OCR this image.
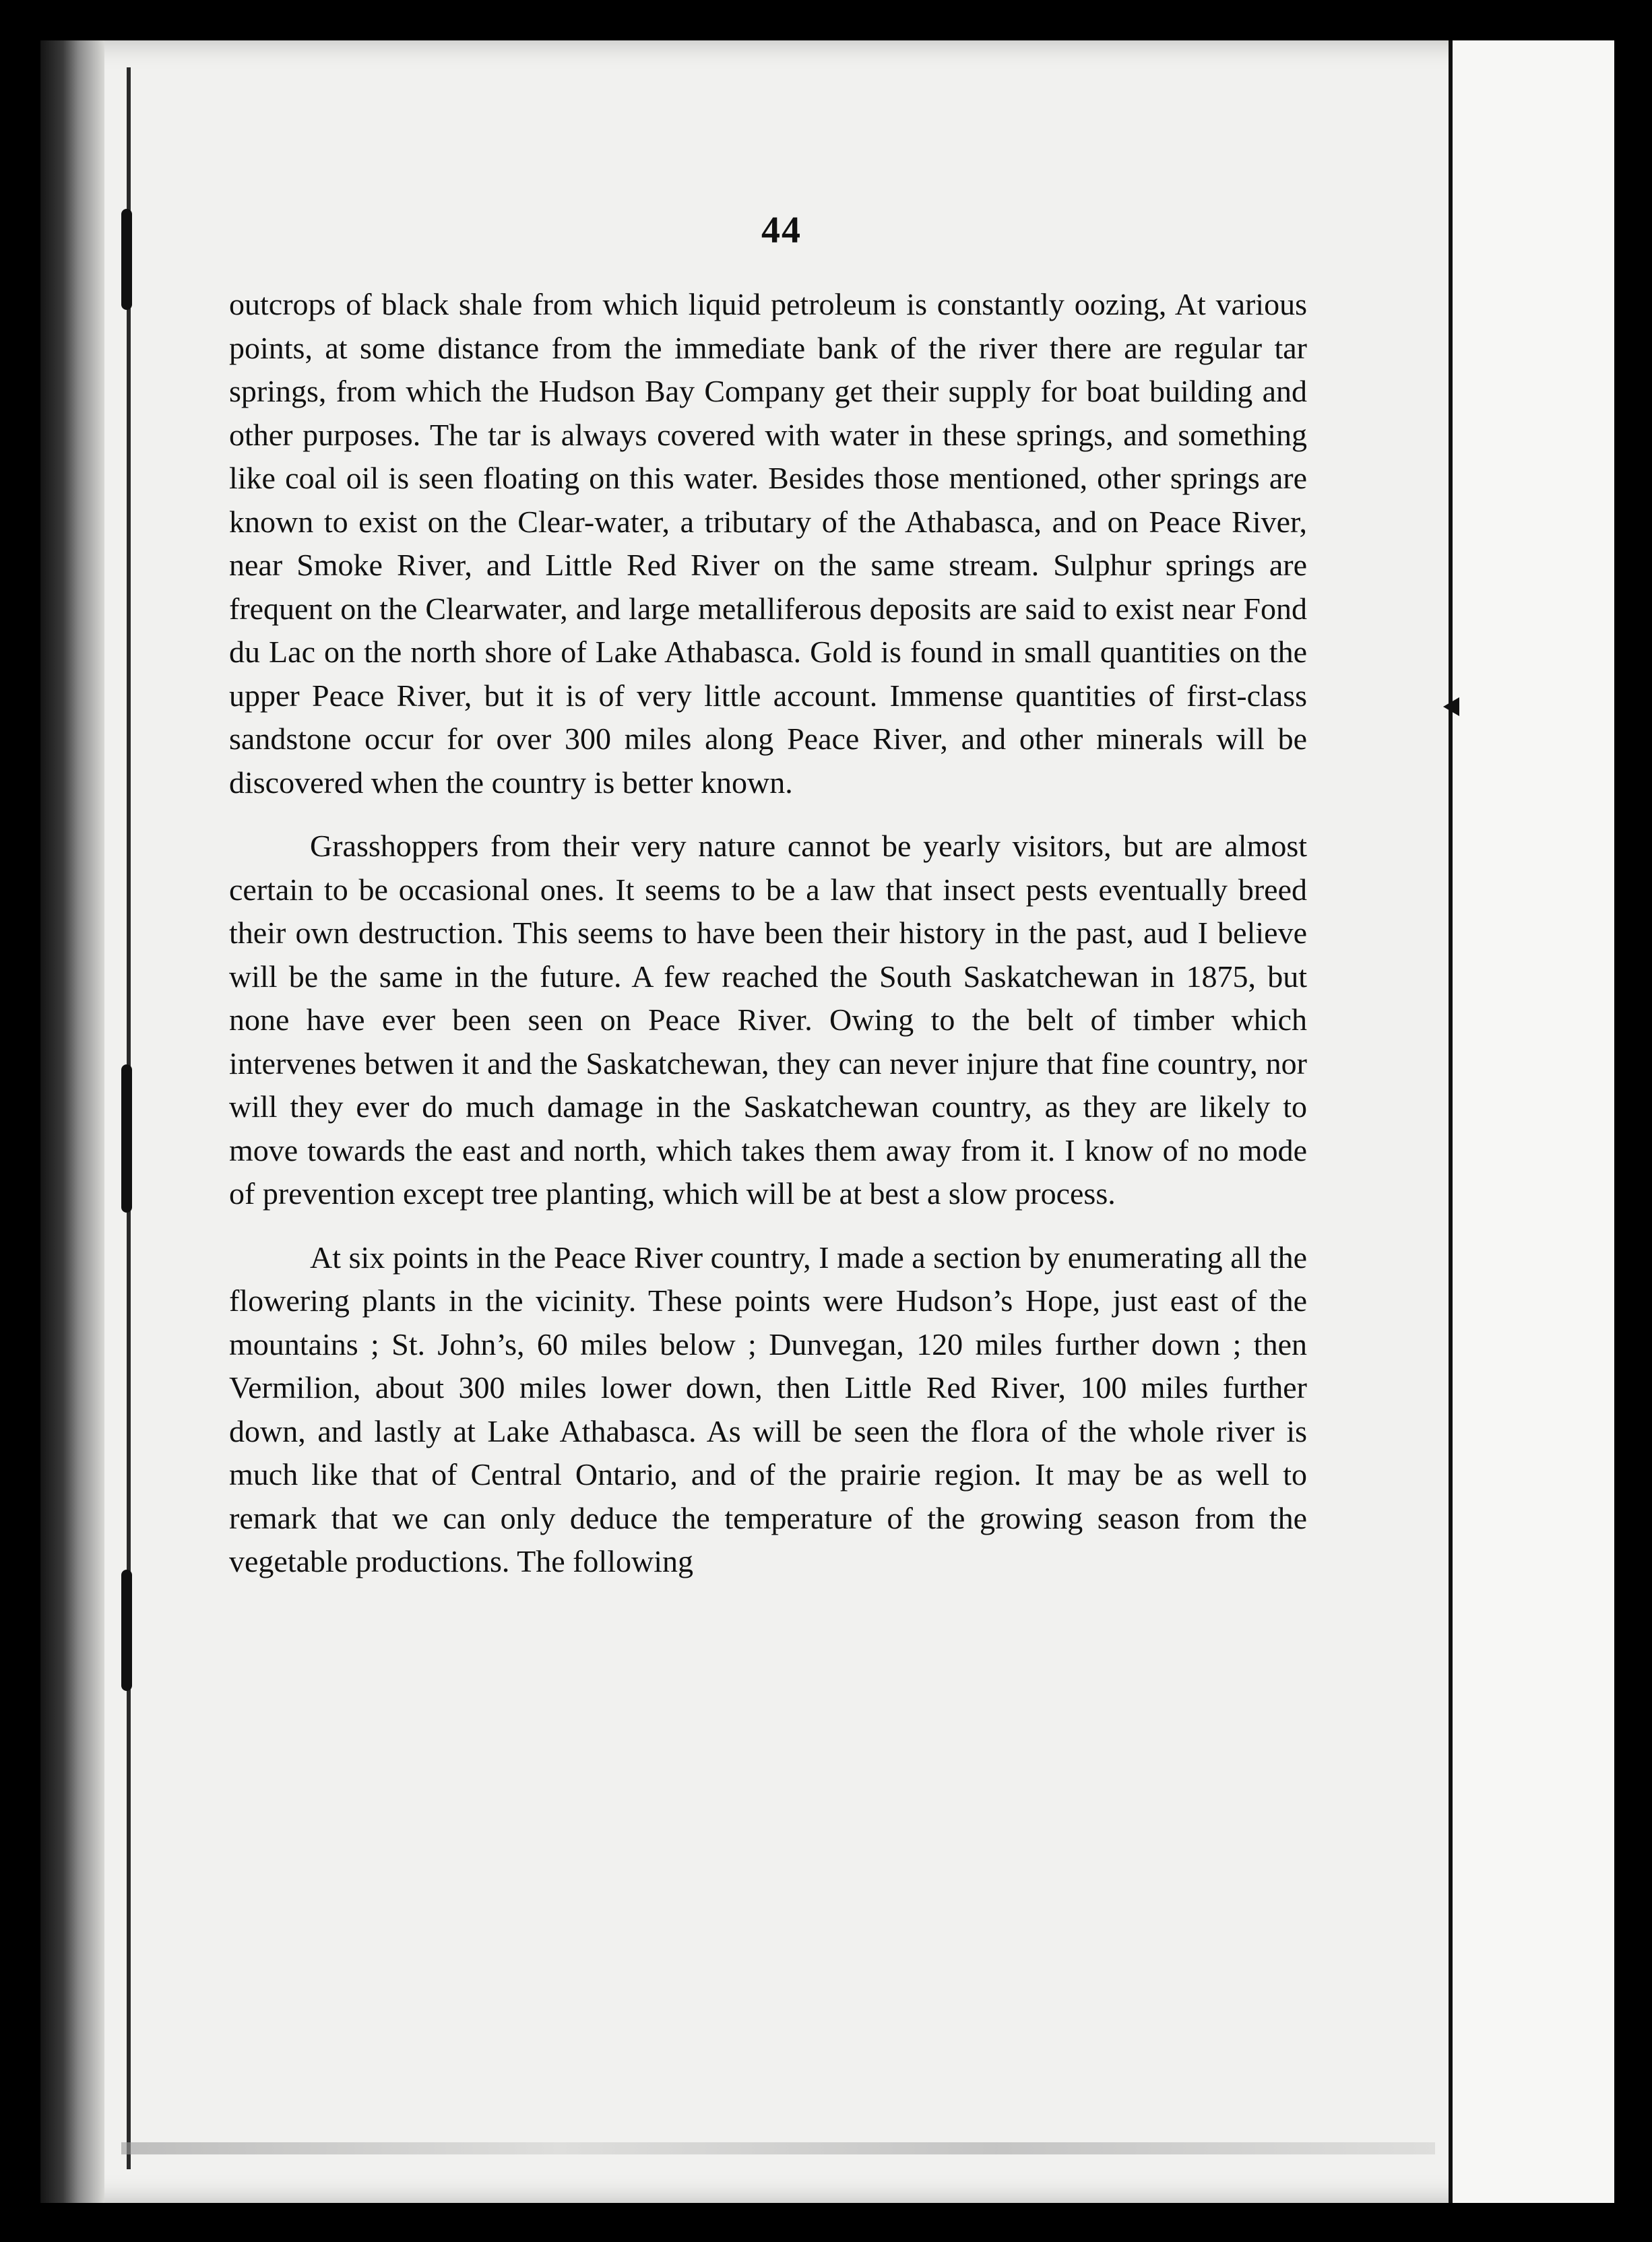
44

outcrops of black shale from which liquid petroleum is constantly oozing, At various points, at some distance from the immediate bank of the river there are regular tar springs, from which the Hudson Bay Company get their supply for boat building and other purposes. The tar is always covered with water in these springs, and something like coal oil is seen floating on this water. Besides those mentioned, other springs are known to exist on the Clear-water, a tributary of the Athabasca, and on Peace River, near Smoke River, and Little Red River on the same stream. Sulphur springs are frequent on the Clearwater, and large metalliferous deposits are said to exist near Fond du Lac on the north shore of Lake Athabasca. Gold is found in small quantities on the upper Peace River, but it is of very little account. Immense quantities of first-class sandstone occur for over 300 miles along Peace River, and other minerals will be discovered when the country is better known.

Grasshoppers from their very nature cannot be yearly visitors, but are almost certain to be occasional ones. It seems to be a law that insect pests eventually breed their own destruction. This seems to have been their history in the past, aud I believe will be the same in the future. A few reached the South Saskatchewan in 1875, but none have ever been seen on Peace River. Owing to the belt of timber which intervenes betwen it and the Saskatchewan, they can never injure that fine country, nor will they ever do much damage in the Saskatchewan country, as they are likely to move towards the east and north, which takes them away from it. I know of no mode of prevention except tree planting, which will be at best a slow process.

At six points in the Peace River country, I made a section by enumerating all the flowering plants in the vicinity. These points were Hudson’s Hope, just east of the mountains ; St. John’s, 60 miles below ; Dunvegan, 120 miles further down ; then Vermilion, about 300 miles lower down, then Little Red River, 100 miles further down, and lastly at Lake Athabasca. As will be seen the flora of the whole river is much like that of Central Ontario, and of the prairie region. It may be as well to remark that we can only deduce the temperature of the growing season from the vegetable productions. The following
